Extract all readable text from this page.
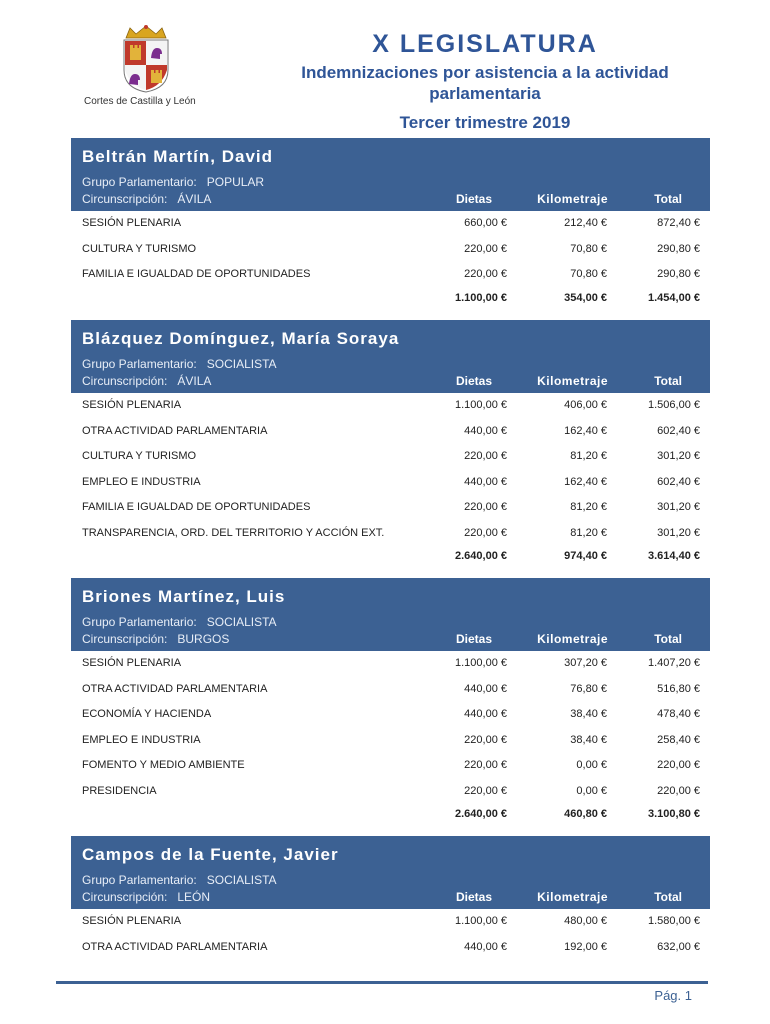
Cortes de Castilla y León
X LEGISLATURA
Indemnizaciones por asistencia a la actividad
parlamentaria
Tercer trimestre 2019
Beltrán Martín, David
Grupo Parlamentario: POPULAR
Circunscripción: ÁVILA	Dietas	Kilometraje	Total
SESIÓN PLENARIA	660,00 €	212,40 €	872,40 €
CULTURA Y TURISMO	220,00 €	70,80 €	290,80 €
FAMILIA E IGUALDAD DE OPORTUNIDADES	220,00 €	70,80 €	290,80 €
1.100,00 €	354,00 €	1.454,00 €
Blázquez Domínguez, María Soraya
Grupo Parlamentario: SOCIALISTA
Circunscripción: ÁVILA	Dietas	Kilometraje	Total
SESIÓN PLENARIA	1.100,00 €	406,00 €	1.506,00 €
OTRA ACTIVIDAD PARLAMENTARIA	440,00 €	162,40 €	602,40 €
CULTURA Y TURISMO	220,00 €	81,20 €	301,20 €
EMPLEO E INDUSTRIA	440,00 €	162,40 €	602,40 €
FAMILIA E IGUALDAD DE OPORTUNIDADES	220,00 €	81,20 €	301,20 €
TRANSPARENCIA, ORD. DEL TERRITORIO Y ACCIÓN EXT.	220,00 €	81,20 €	301,20 €
2.640,00 €	974,40 €	3.614,40 €
Briones Martínez, Luis
Grupo Parlamentario: SOCIALISTA
Circunscripción: BURGOS	Dietas	Kilometraje	Total
SESIÓN PLENARIA	1.100,00 €	307,20 €	1.407,20 €
OTRA ACTIVIDAD PARLAMENTARIA	440,00 €	76,80 €	516,80 €
ECONOMÍA Y HACIENDA	440,00 €	38,40 €	478,40 €
EMPLEO E INDUSTRIA	220,00 €	38,40 €	258,40 €
FOMENTO Y MEDIO AMBIENTE	220,00 €	0,00 €	220,00 €
PRESIDENCIA	220,00 €	0,00 €	220,00 €
2.640,00 €	460,80 €	3.100,80 €
Campos de la Fuente, Javier
Grupo Parlamentario: SOCIALISTA
Circunscripción: LEÓN	Dietas	Kilometraje	Total
SESIÓN PLENARIA	1.100,00 €	480,00 €	1.580,00 €
OTRA ACTIVIDAD PARLAMENTARIA	440,00 €	192,00 €	632,00 €
Pág. 1
